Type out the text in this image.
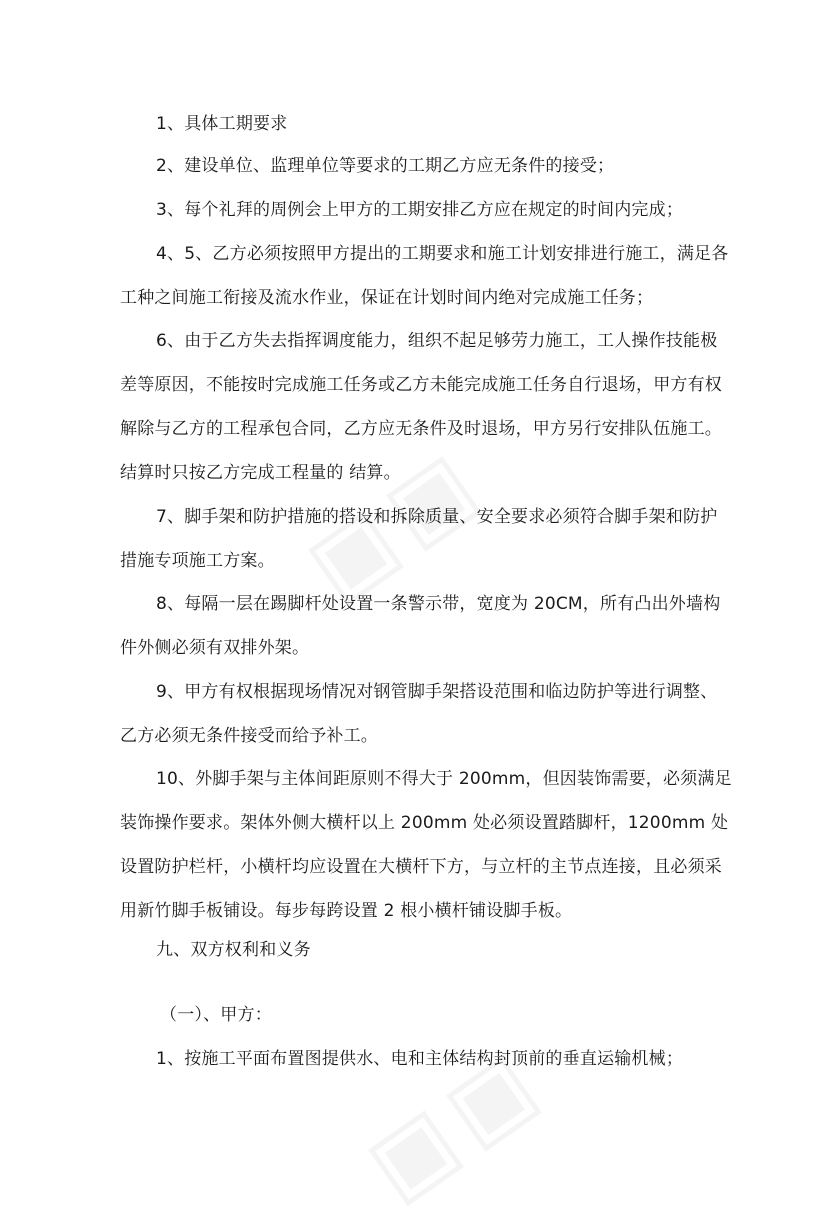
1、具体工期要求

2、建设单位、监理单位等要求的工期乙方应无条件的接受；

3、每个礼拜的周例会上甲方的工期安排乙方应在规定的时间内完成；

4、5、乙方必须按照甲方提出的工期要求和施工计划安排进行施工，满足各
工种之间施工衔接及流水作业，保证在计划时间内绝对完成施工任务；

6、由于乙方失去指挥调度能力，组织不起足够劳力施工，工人操作技能极
差等原因，不能按时完成施工任务或乙方未能完成施工任务自行退场，甲方有权
解除与乙方的工程承包合同，乙方应无条件及时退场，甲方另行安排队伍施工。
结算时只按乙方完成工程量的 结算。

7、脚手架和防护措施的搭设和拆除质量、安全要求必须符合脚手架和防护
措施专项施工方案。

8、每隔一层在踢脚杆处设置一条警示带，宽度为 20CM，所有凸出外墙构
件外侧必须有双排外架。

9、甲方有权根据现场情况对钢管脚手架搭设范围和临边防护等进行调整、
乙方必须无条件接受而给予补工。

10、外脚手架与主体间距原则不得大于 200mm，但因装饰需要，必须满足
装饰操作要求。架体外侧大横杆以上 200mm 处必须设置踏脚杆，1200mm 处
设置防护栏杆，小横杆均应设置在大横杆下方，与立杆的主节点连接，且必须采
用新竹脚手板铺设。每步每跨设置 2 根小横杆铺设脚手板。

九、双方权利和义务

（一）、甲方：

1、按施工平面布置图提供水、电和主体结构封顶前的垂直运输机械；
